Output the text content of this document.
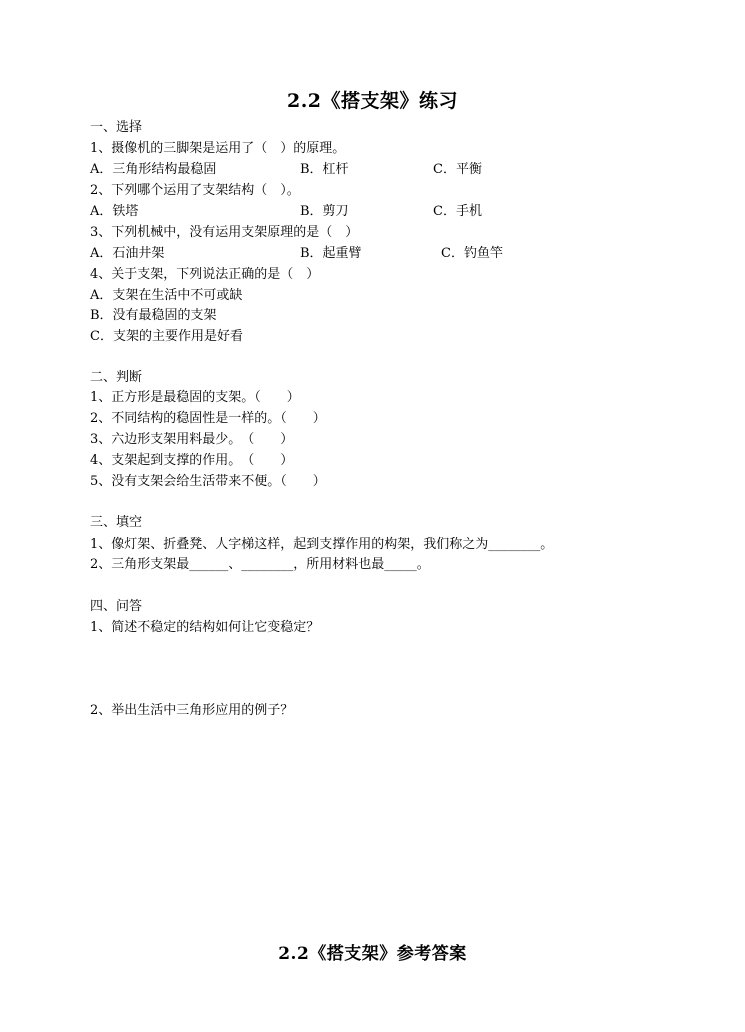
2.2《搭支架》练习
一、选择
1、摄像机的三脚架是运用了（　）的原理。
A．三角形结构最稳固	B．杠杆	C．平衡
2、下列哪个运用了支架结构（　）。
A．铁塔	B．剪刀	C．手机
3、下列机械中，没有运用支架原理的是（　）
A．石油井架	B．起重臂	C．钓鱼竿
4、关于支架，下列说法正确的是（　）
A．支架在生活中不可或缺
B．没有最稳固的支架
C．支架的主要作用是好看
二、判断
1、正方形是最稳固的支架。（　　）
2、不同结构的稳固性是一样的。（　　）
3、六边形支架用料最少。　（　　）
4、支架起到支撑的作用。　（　　）
5、没有支架会给生活带来不便。（　　）
三、填空
1、像灯架、折叠凳、人字梯这样，起到支撑作用的构架，我们称之为________。
2、三角形支架最______、________，所用材料也最_____。
四、问答
1、简述不稳定的结构如何让它变稳定？
2、举出生活中三角形应用的例子？
2.2《搭支架》参考答案
